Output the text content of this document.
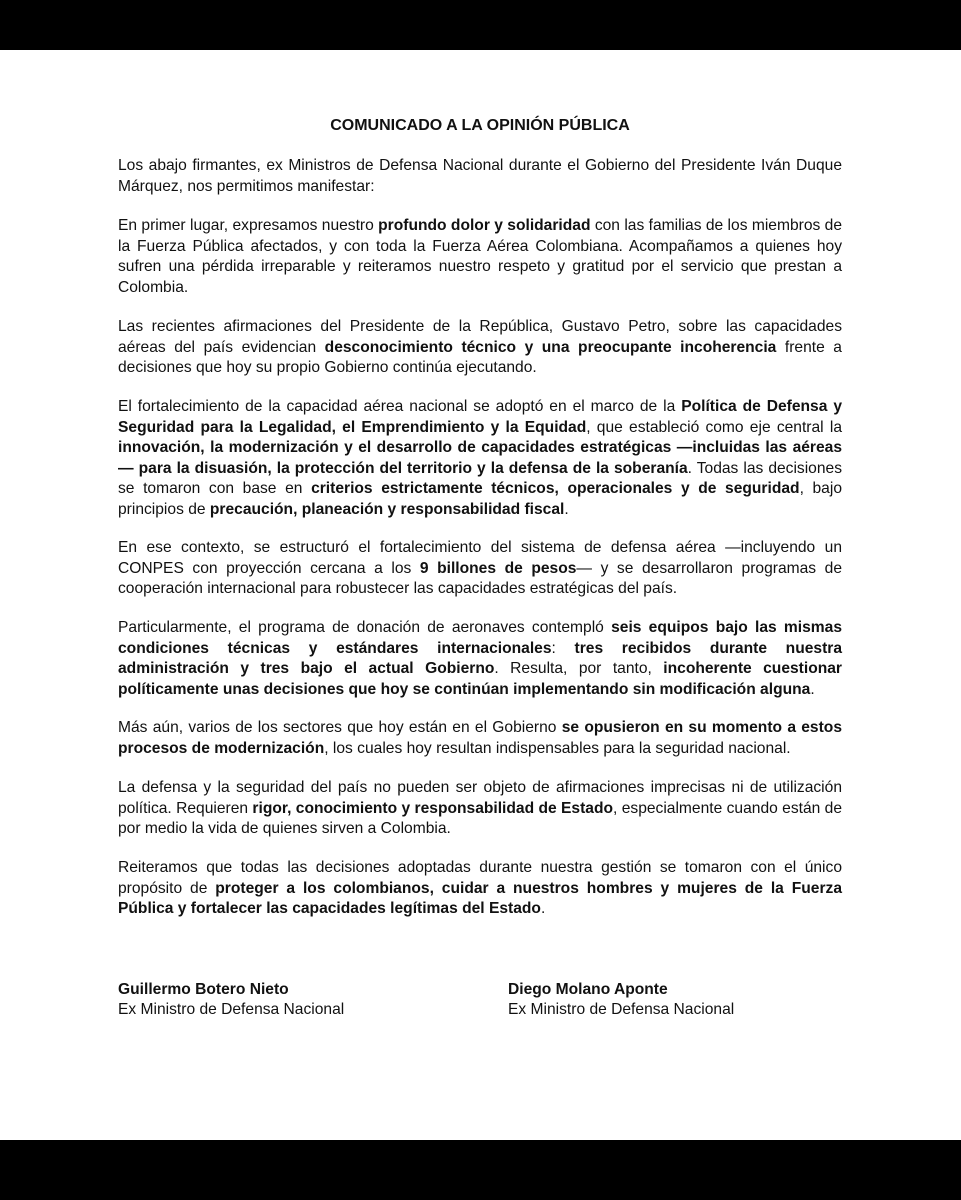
COMUNICADO A LA OPINIÓN PÚBLICA

Los abajo firmantes, ex Ministros de Defensa Nacional durante el Gobierno del Presidente Iván Duque Márquez, nos permitimos manifestar:

En primer lugar, expresamos nuestro profundo dolor y solidaridad con las familias de los miembros de la Fuerza Pública afectados, y con toda la Fuerza Aérea Colombiana. Acompañamos a quienes hoy sufren una pérdida irreparable y reiteramos nuestro respeto y gratitud por el servicio que prestan a Colombia.

Las recientes afirmaciones del Presidente de la República, Gustavo Petro, sobre las capacidades aéreas del país evidencian desconocimiento técnico y una preocupante incoherencia frente a decisiones que hoy su propio Gobierno continúa ejecutando.

El fortalecimiento de la capacidad aérea nacional se adoptó en el marco de la Política de Defensa y Seguridad para la Legalidad, el Emprendimiento y la Equidad, que estableció como eje central la innovación, la modernización y el desarrollo de capacidades estratégicas —incluidas las aéreas— para la disuasión, la protección del territorio y la defensa de la soberanía. Todas las decisiones se tomaron con base en criterios estrictamente técnicos, operacionales y de seguridad, bajo principios de precaución, planeación y responsabilidad fiscal.

En ese contexto, se estructuró el fortalecimiento del sistema de defensa aérea —incluyendo un CONPES con proyección cercana a los 9 billones de pesos— y se desarrollaron programas de cooperación internacional para robustecer las capacidades estratégicas del país.

Particularmente, el programa de donación de aeronaves contempló seis equipos bajo las mismas condiciones técnicas y estándares internacionales: tres recibidos durante nuestra administración y tres bajo el actual Gobierno. Resulta, por tanto, incoherente cuestionar políticamente unas decisiones que hoy se continúan implementando sin modificación alguna.

Más aún, varios de los sectores que hoy están en el Gobierno se opusieron en su momento a estos procesos de modernización, los cuales hoy resultan indispensables para la seguridad nacional.

La defensa y la seguridad del país no pueden ser objeto de afirmaciones imprecisas ni de utilización política. Requieren rigor, conocimiento y responsabilidad de Estado, especialmente cuando están de por medio la vida de quienes sirven a Colombia.

Reiteramos que todas las decisiones adoptadas durante nuestra gestión se tomaron con el único propósito de proteger a los colombianos, cuidar a nuestros hombres y mujeres de la Fuerza Pública y fortalecer las capacidades legítimas del Estado.

Guillermo Botero Nieto
Ex Ministro de Defensa Nacional
Diego Molano Aponte
Ex Ministro de Defensa Nacional
